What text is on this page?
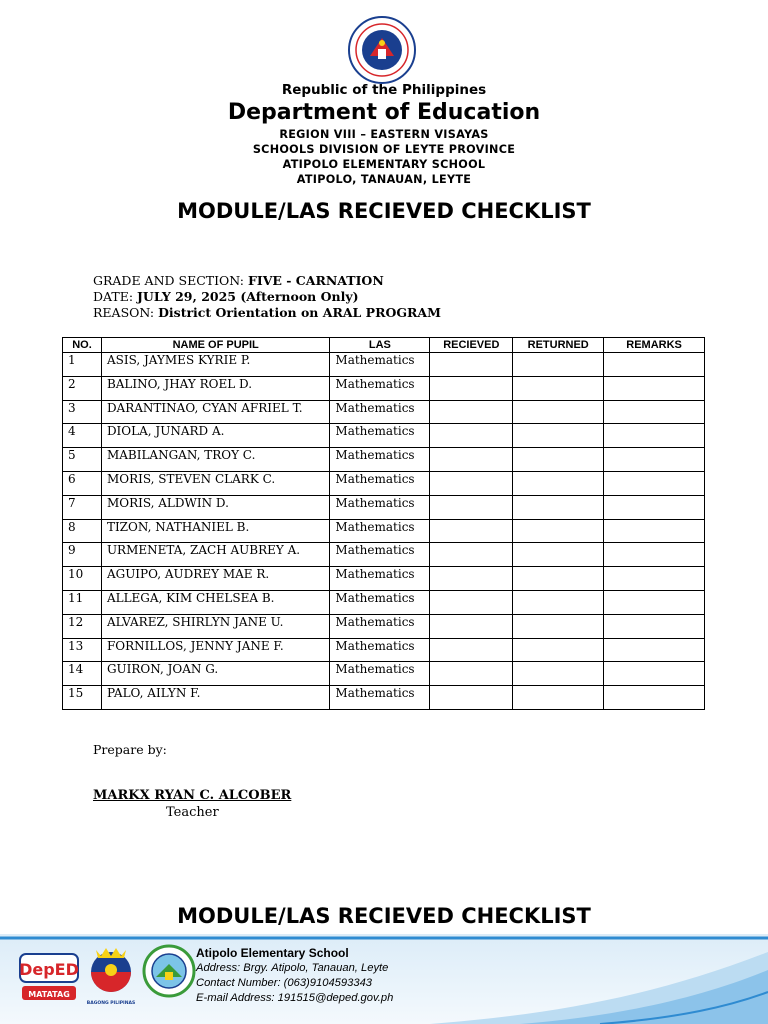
Republic of the Philippines
Department of Education
REGION VIII – EASTERN VISAYAS
SCHOOLS DIVISION OF LEYTE PROVINCE
ATIPOLO ELEMENTARY SCHOOL
ATIPOLO, TANAUAN, LEYTE
MODULE/LAS RECIEVED CHECKLIST
GRADE AND SECTION: FIVE - CARNATION
DATE: JULY 29, 2025 (Afternoon Only)
REASON: District Orientation on ARAL PROGRAM
NO.	NAME OF PUPIL	LAS	RECIEVED	RETURNED	REMARKS
1	ASIS, JAYMES KYRIE P.	Mathematics			
2	BALINO, JHAY ROEL D.	Mathematics			
3	DARANTINAO, CYAN AFRIEL T.	Mathematics			
4	DIOLA, JUNARD A.	Mathematics			
5	MABILANGAN, TROY C.	Mathematics			
6	MORIS, STEVEN CLARK C.	Mathematics			
7	MORIS, ALDWIN D.	Mathematics			
8	TIZON, NATHANIEL B.	Mathematics			
9	URMENETA, ZACH AUBREY A.	Mathematics			
10	AGUIPO, AUDREY MAE R.	Mathematics			
11	ALLEGA, KIM CHELSEA B.	Mathematics			
12	ALVAREZ, SHIRLYN JANE U.	Mathematics			
13	FORNILLOS, JENNY JANE F.	Mathematics			
14	GUIRON, JOAN G.	Mathematics			
15	PALO, AILYN F.	Mathematics			
Prepare by:
MARKX RYAN C. ALCOBER
Teacher
MODULE/LAS RECIEVED CHECKLIST
DepED
MATATAG
BAGONG PILIPINAS
Atipolo Elementary School
Address: Brgy. Atipolo, Tanauan, Leyte
Contact Number: (063)9104593343
E-mail Address: 191515@deped.gov.ph
